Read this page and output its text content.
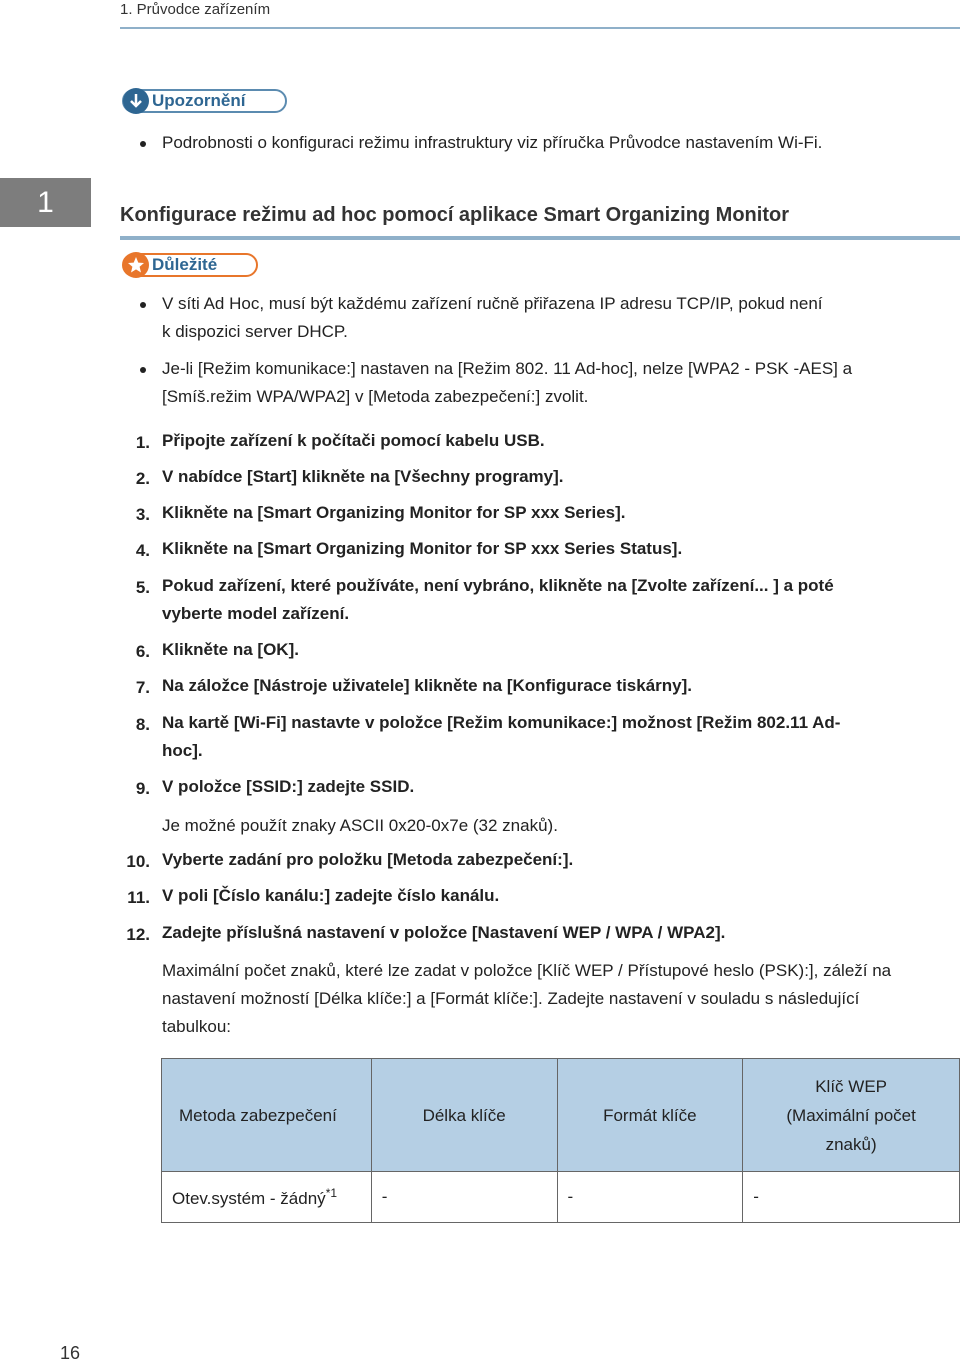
1. Průvodce zařízením
1
Upozornění
Podrobnosti o konfiguraci režimu infrastruktury viz příručka Průvodce nastavením Wi-Fi.
Konfigurace režimu ad hoc pomocí aplikace Smart Organizing Monitor
Důležité
V síti Ad Hoc, musí být každému zařízení ručně přiřazena IP adresu TCP/IP, pokud není
k dispozici server DHCP.
Je-li [Režim komunikace:] nastaven na [Režim 802. 11 Ad-hoc], nelze [WPA2 - PSK -AES] a
[Smíš.režim WPA/WPA2] v [Metoda zabezpečení:] zvolit.
1. Připojte zařízení k počítači pomocí kabelu USB.
2. V nabídce [Start] klikněte na [Všechny programy].
3. Klikněte na [Smart Organizing Monitor for SP xxx Series].
4. Klikněte na [Smart Organizing Monitor for SP xxx Series Status].
5. Pokud zařízení, které používáte, není vybráno, klikněte na [Zvolte zařízení... ] a poté
vyberte model zařízení.
6. Klikněte na [OK].
7. Na záložce [Nástroje uživatele] klikněte na [Konfigurace tiskárny].
8. Na kartě [Wi-Fi] nastavte v položce [Režim komunikace:] možnost [Režim 802.11 Ad-
hoc].
9. V položce [SSID:] zadejte SSID.
Je možné použít znaky ASCII 0x20-0x7e (32 znaků).
10. Vyberte zadání pro položku [Metoda zabezpečení:].
11. V poli [Číslo kanálu:] zadejte číslo kanálu.
12. Zadejte příslušná nastavení v položce [Nastavení WEP / WPA / WPA2].
Maximální počet znaků, které lze zadat v položce [Klíč WEP / Přístupové heslo (PSK):], záleží na
nastavení možností [Délka klíče:] a [Formát klíče:]. Zadejte nastavení v souladu s následující
tabulkou:
Metoda zabezpečení	Délka klíče	Formát klíče	Klíč WEP
(Maximální počet
znaků)

Otev.systém - žádný$^{*1}$	-	-	-
16
